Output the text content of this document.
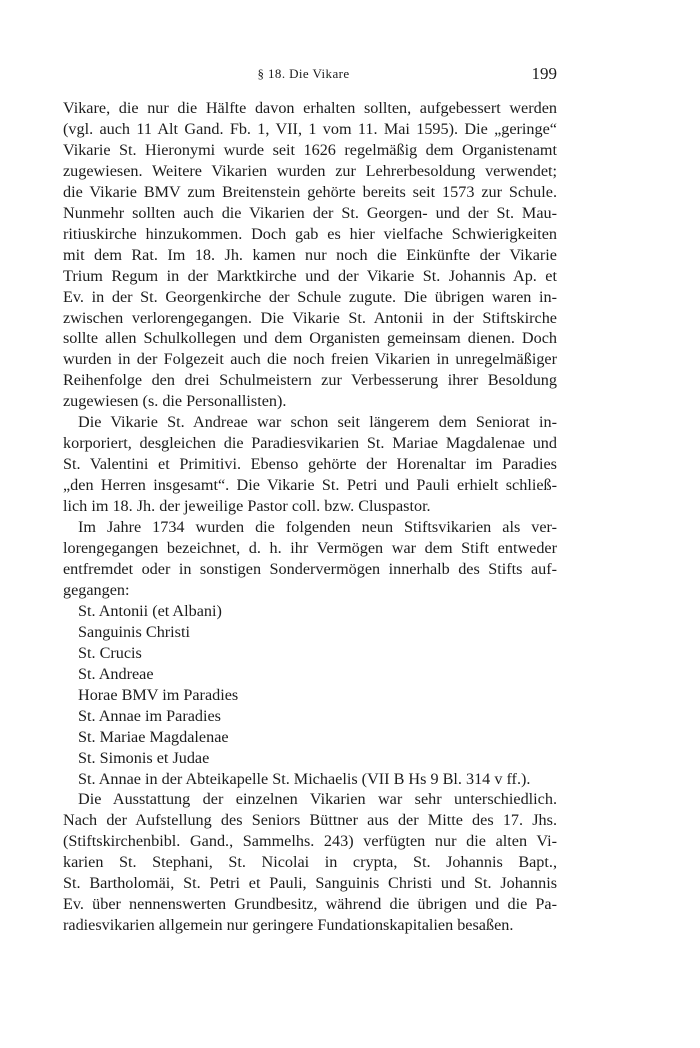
§ 18. Die Vikare	199

Vikare, die nur die Hälfte davon erhalten sollten, aufgebessert werden

(vgl. auch 11 Alt Gand. Fb. 1, VII, 1 vom 11. Mai 1595). Die „geringe“

Vikarie St. Hieronymi wurde seit 1626 regelmäßig dem Organistenamt

zugewiesen. Weitere Vikarien wurden zur Lehrerbesoldung verwendet;

die Vikarie BMV zum Breitenstein gehörte bereits seit 1573 zur Schule.

Nunmehr sollten auch die Vikarien der St. Georgen- und der St. Mau-

ritiuskirche hinzukommen. Doch gab es hier vielfache Schwierigkeiten

mit dem Rat. Im 18. Jh. kamen nur noch die Einkünfte der Vikarie

Trium Regum in der Marktkirche und der Vikarie St. Johannis Ap. et

Ev. in der St. Georgenkirche der Schule zugute. Die übrigen waren in-

zwischen verlorengegangen. Die Vikarie St. Antonii in der Stiftskirche

sollte allen Schulkollegen und dem Organisten gemeinsam dienen. Doch

wurden in der Folgezeit auch die noch freien Vikarien in unregelmäßiger

Reihenfolge den drei Schulmeistern zur Verbesserung ihrer Besoldung

zugewiesen (s. die Personallisten).

Die Vikarie St. Andreae war schon seit längerem dem Seniorat in-

korporiert, desgleichen die Paradiesvikarien St. Mariae Magdalenae und

St. Valentini et Primitivi. Ebenso gehörte der Horenaltar im Paradies

„den Herren insgesamt“. Die Vikarie St. Petri und Pauli erhielt schließ-

lich im 18. Jh. der jeweilige Pastor coll. bzw. Cluspastor.

Im Jahre 1734 wurden die folgenden neun Stiftsvikarien als ver-

lorengegangen bezeichnet, d. h. ihr Vermögen war dem Stift entweder

entfremdet oder in sonstigen Sondervermögen innerhalb des Stifts auf-

gegangen:

St. Antonii (et Albani)
Sanguinis Christi
St. Crucis
St. Andreae
Horae BMV im Paradies
St. Annae im Paradies
St. Mariae Magdalenae
St. Simonis et Judae
St. Annae in der Abteikapelle St. Michaelis (VII B Hs 9 Bl. 314 v ff.).

Die Ausstattung der einzelnen Vikarien war sehr unterschiedlich.

Nach der Aufstellung des Seniors Büttner aus der Mitte des 17. Jhs.

(Stiftskirchenbibl. Gand., Sammelhs. 243) verfügten nur die alten Vi-

karien St. Stephani, St. Nicolai in crypta, St. Johannis Bapt.,

St. Bartholomäi, St. Petri et Pauli, Sanguinis Christi und St. Johannis

Ev. über nennenswerten Grundbesitz, während die übrigen und die Pa-

radiesvikarien allgemein nur geringere Fundationskapitalien besaßen.
